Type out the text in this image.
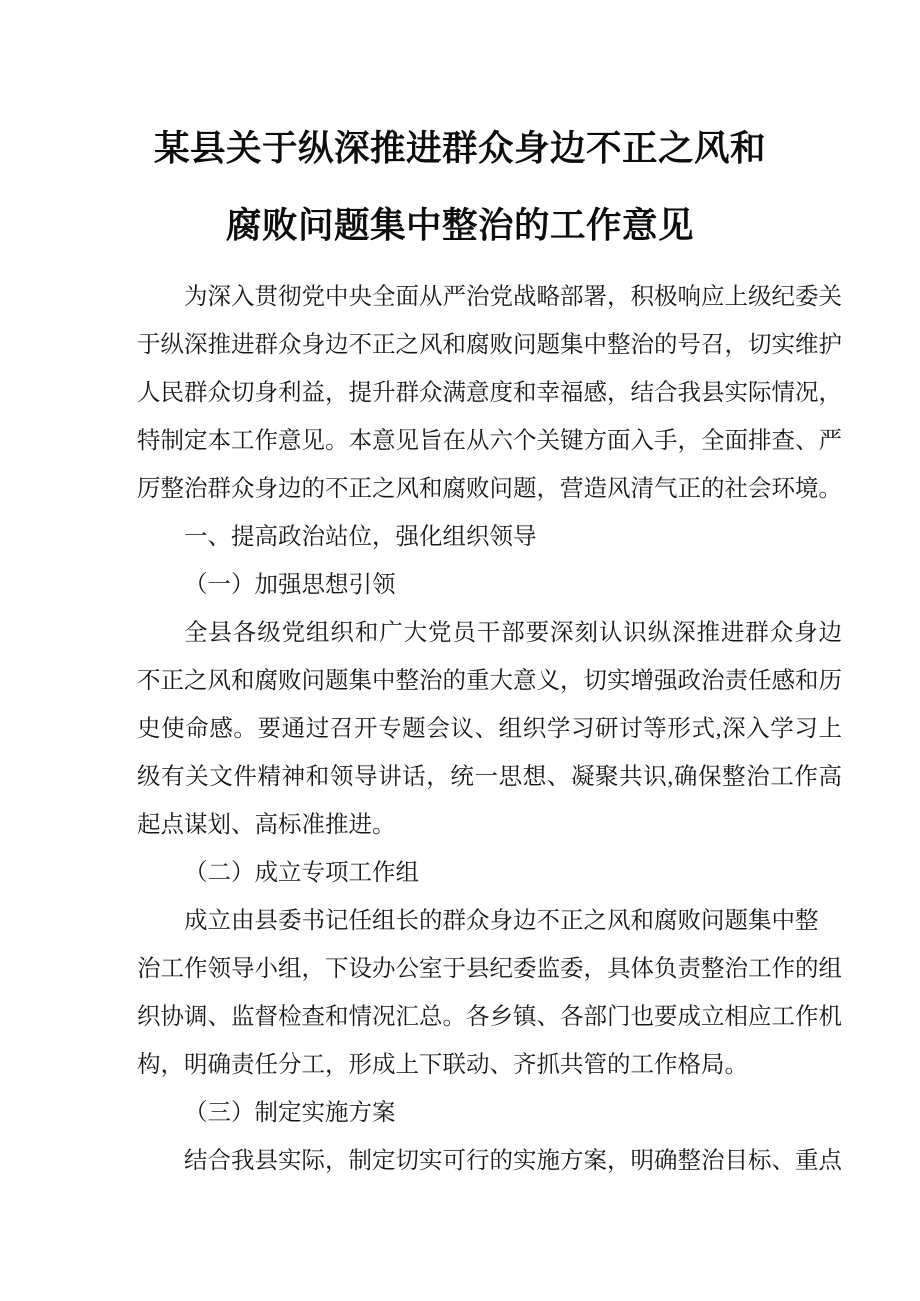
某县关于纵深推进群众身边不正之风和
腐败问题集中整治的工作意见
为深入贯彻党中央全面从严治党战略部署，积极响应上级纪委关
于纵深推进群众身边不正之风和腐败问题集中整治的号召，切实维护
人民群众切身利益，提升群众满意度和幸福感，结合我县实际情况，
特制定本工作意见。本意见旨在从六个关键方面入手，全面排查、严
厉整治群众身边的不正之风和腐败问题，营造风清气正的社会环境。
一、提高政治站位，强化组织领导
（一）加强思想引领
全县各级党组织和广大党员干部要深刻认识纵深推进群众身边
不正之风和腐败问题集中整治的重大意义，切实增强政治责任感和历
史使命感。要通过召开专题会议、组织学习研讨等形式,深入学习上
级有关文件精神和领导讲话，统一思想、凝聚共识,确保整治工作高
起点谋划、高标准推进。
（二）成立专项工作组
成立由县委书记任组长的群众身边不正之风和腐败问题集中整
治工作领导小组，下设办公室于县纪委监委，具体负责整治工作的组
织协调、监督检查和情况汇总。各乡镇、各部门也要成立相应工作机
构，明确责任分工，形成上下联动、齐抓共管的工作格局。
（三）制定实施方案
结合我县实际，制定切实可行的实施方案，明确整治目标、重点
